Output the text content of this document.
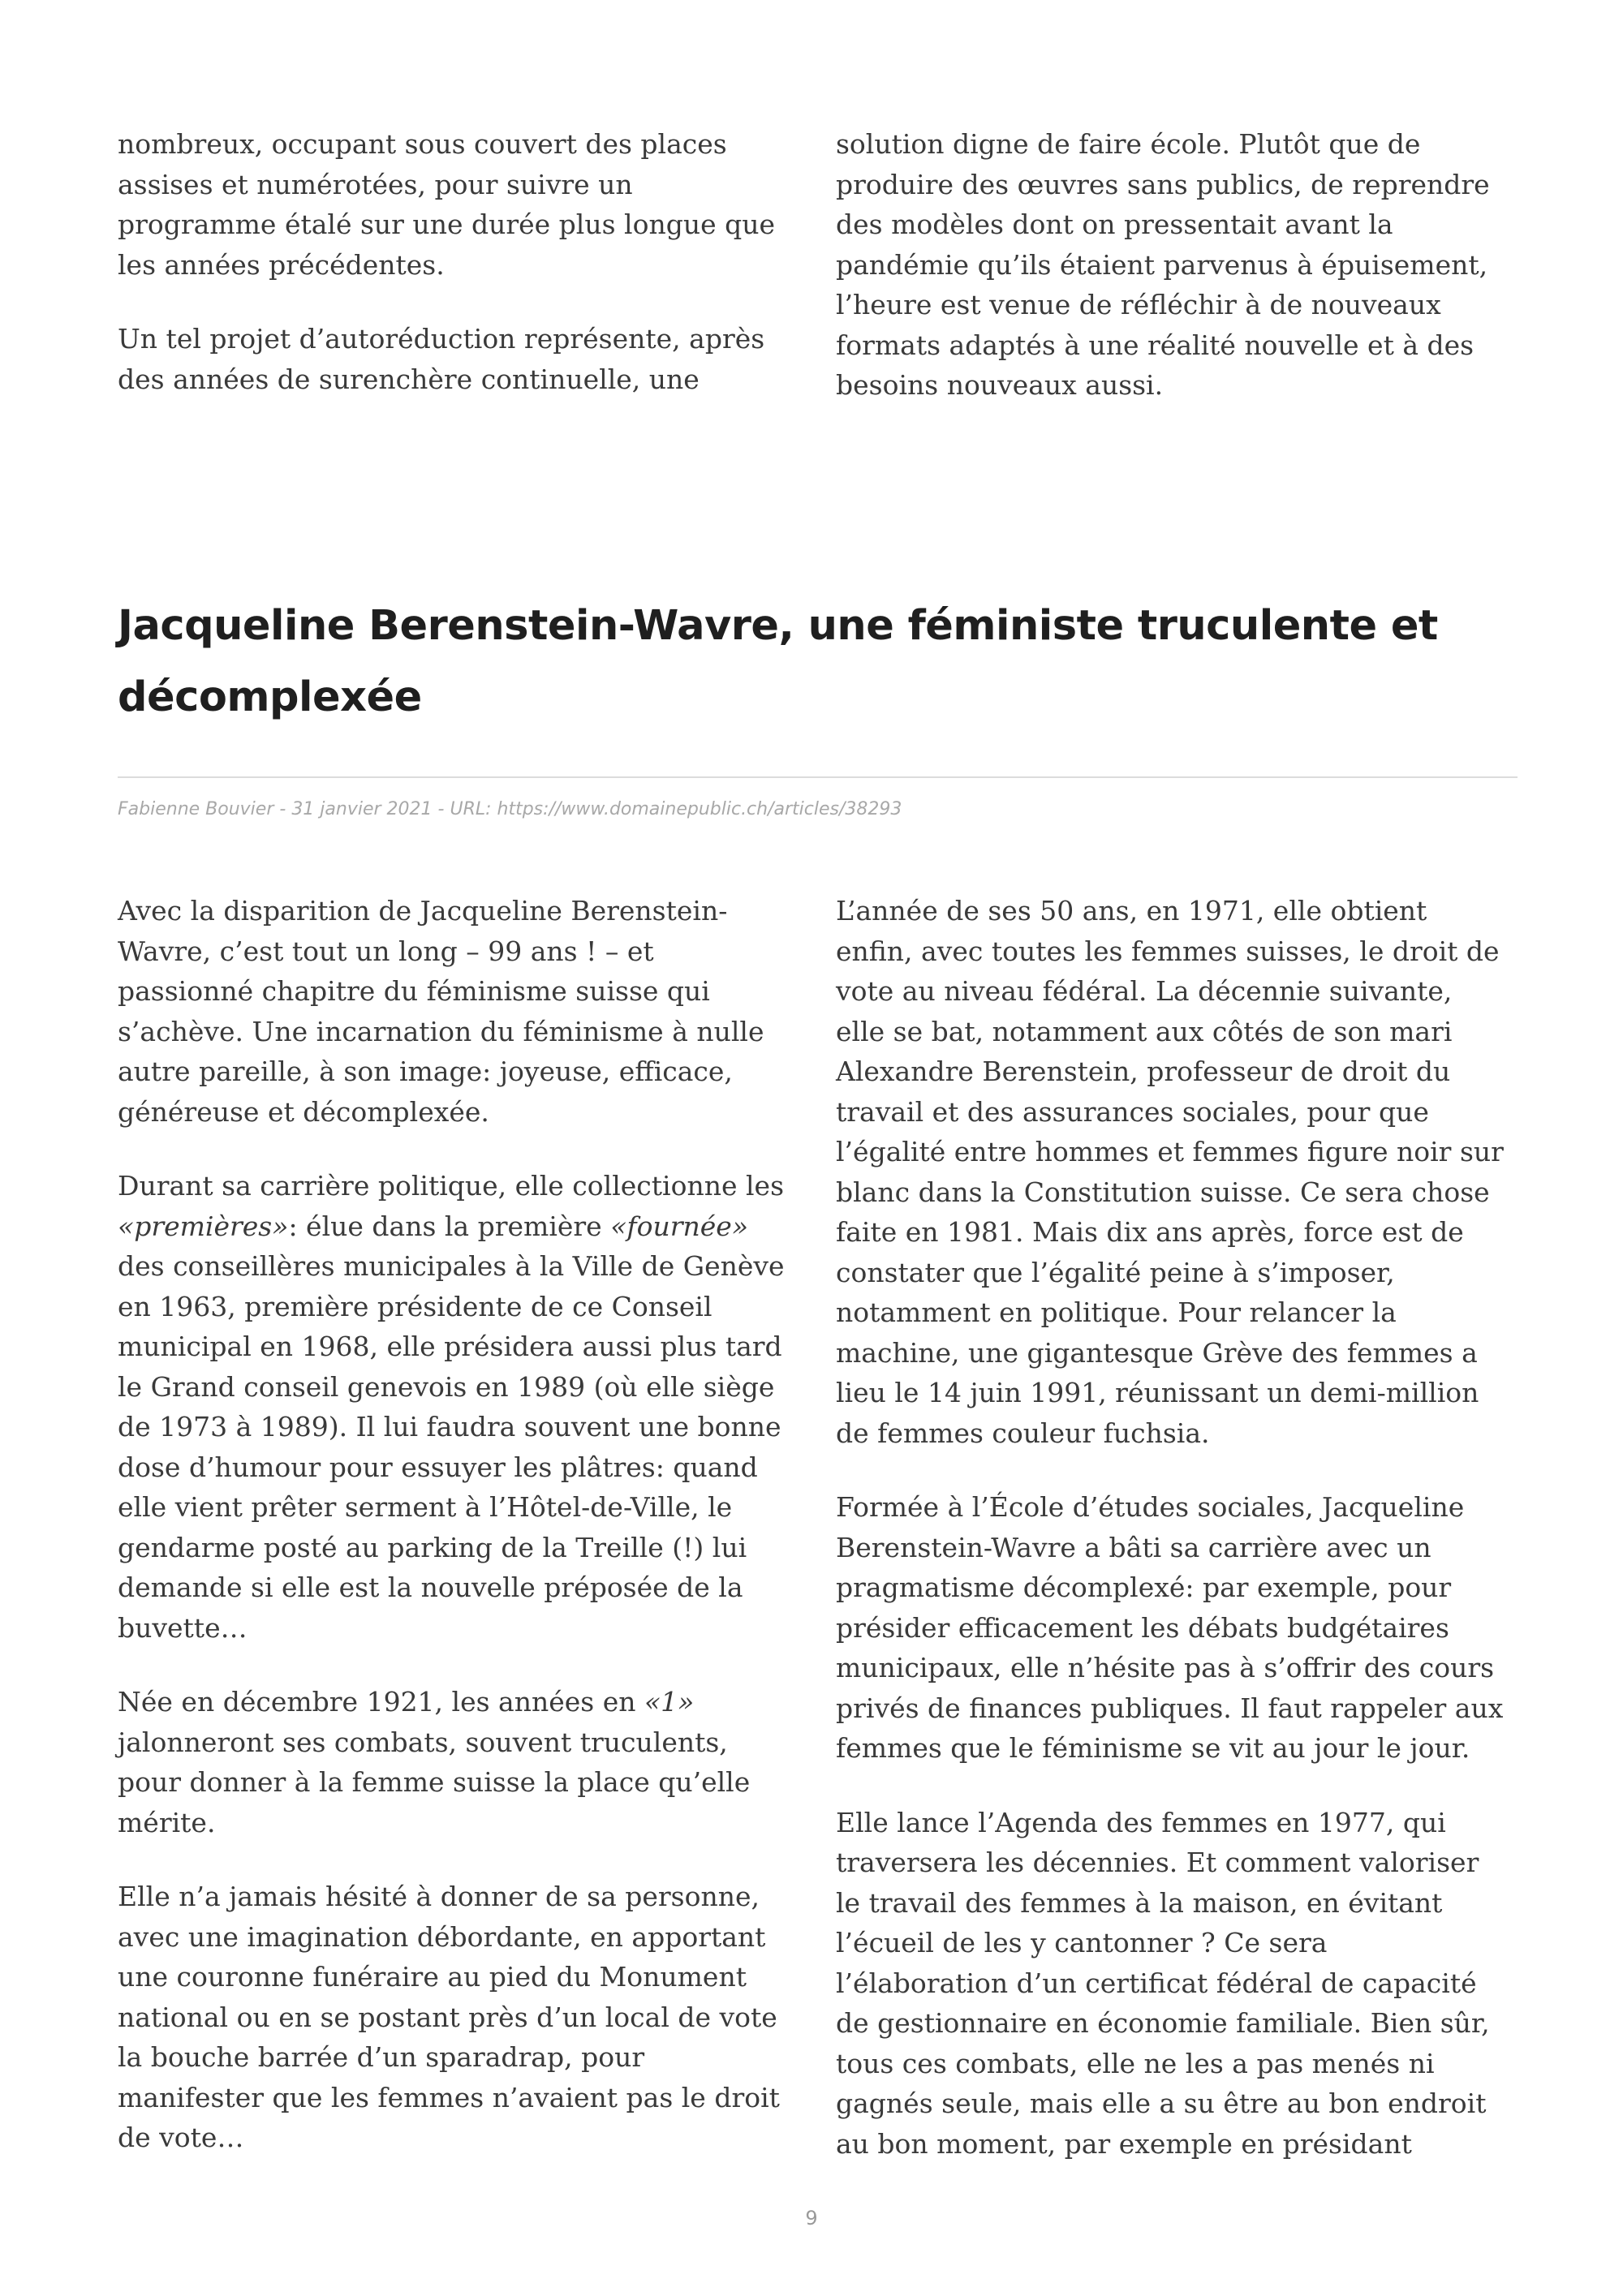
nombreux, occupant sous couvert des places
assises et numérotées, pour suivre un
programme étalé sur une durée plus longue que
les années précédentes.

Un tel projet d’autoréduction représente, après
des années de surenchère continuelle, une

solution digne de faire école. Plutôt que de
produire des œuvres sans publics, de reprendre
des modèles dont on pressentait avant la
pandémie qu’ils étaient parvenus à épuisement,
l’heure est venue de réfléchir à de nouveaux
formats adaptés à une réalité nouvelle et à des
besoins nouveaux aussi.

Jacqueline Berenstein-Wavre, une féministe truculente et
décomplexée
Fabienne Bouvier - 31 janvier 2021 - URL: https://www.domainepublic.ch/articles/38293

Avec la disparition de Jacqueline Berenstein-
Wavre, c’est tout un long – 99 ans ! – et
passionné chapitre du féminisme suisse qui
s’achève. Une incarnation du féminisme à nulle
autre pareille, à son image: joyeuse, efficace,
généreuse et décomplexée.

Durant sa carrière politique, elle collectionne les
«premières»: élue dans la première «fournée»
des conseillères municipales à la Ville de Genève
en 1963, première présidente de ce Conseil
municipal en 1968, elle présidera aussi plus tard
le Grand conseil genevois en 1989 (où elle siège
de 1973 à 1989). Il lui faudra souvent une bonne
dose d’humour pour essuyer les plâtres: quand
elle vient prêter serment à l’Hôtel-de-Ville, le
gendarme posté au parking de la Treille (!) lui
demande si elle est la nouvelle préposée de la
buvette…

Née en décembre 1921, les années en «1»
jalonneront ses combats, souvent truculents,
pour donner à la femme suisse la place qu’elle
mérite.

Elle n’a jamais hésité à donner de sa personne,
avec une imagination débordante, en apportant
une couronne funéraire au pied du Monument
national ou en se postant près d’un local de vote
la bouche barrée d’un sparadrap, pour
manifester que les femmes n’avaient pas le droit
de vote…

L’année de ses 50 ans, en 1971, elle obtient
enfin, avec toutes les femmes suisses, le droit de
vote au niveau fédéral. La décennie suivante,
elle se bat, notamment aux côtés de son mari
Alexandre Berenstein, professeur de droit du
travail et des assurances sociales, pour que
l’égalité entre hommes et femmes figure noir sur
blanc dans la Constitution suisse. Ce sera chose
faite en 1981. Mais dix ans après, force est de
constater que l’égalité peine à s’imposer,
notamment en politique. Pour relancer la
machine, une gigantesque Grève des femmes a
lieu le 14 juin 1991, réunissant un demi-million
de femmes couleur fuchsia.

Formée à l’École d’études sociales, Jacqueline
Berenstein-Wavre a bâti sa carrière avec un
pragmatisme décomplexé: par exemple, pour
présider efficacement les débats budgétaires
municipaux, elle n’hésite pas à s’offrir des cours
privés de finances publiques. Il faut rappeler aux
femmes que le féminisme se vit au jour le jour.

Elle lance l’Agenda des femmes en 1977, qui
traversera les décennies. Et comment valoriser
le travail des femmes à la maison, en évitant
l’écueil de les y cantonner ? Ce sera
l’élaboration d’un certificat fédéral de capacité
de gestionnaire en économie familiale. Bien sûr,
tous ces combats, elle ne les a pas menés ni
gagnés seule, mais elle a su être au bon endroit
au bon moment, par exemple en présidant

9
